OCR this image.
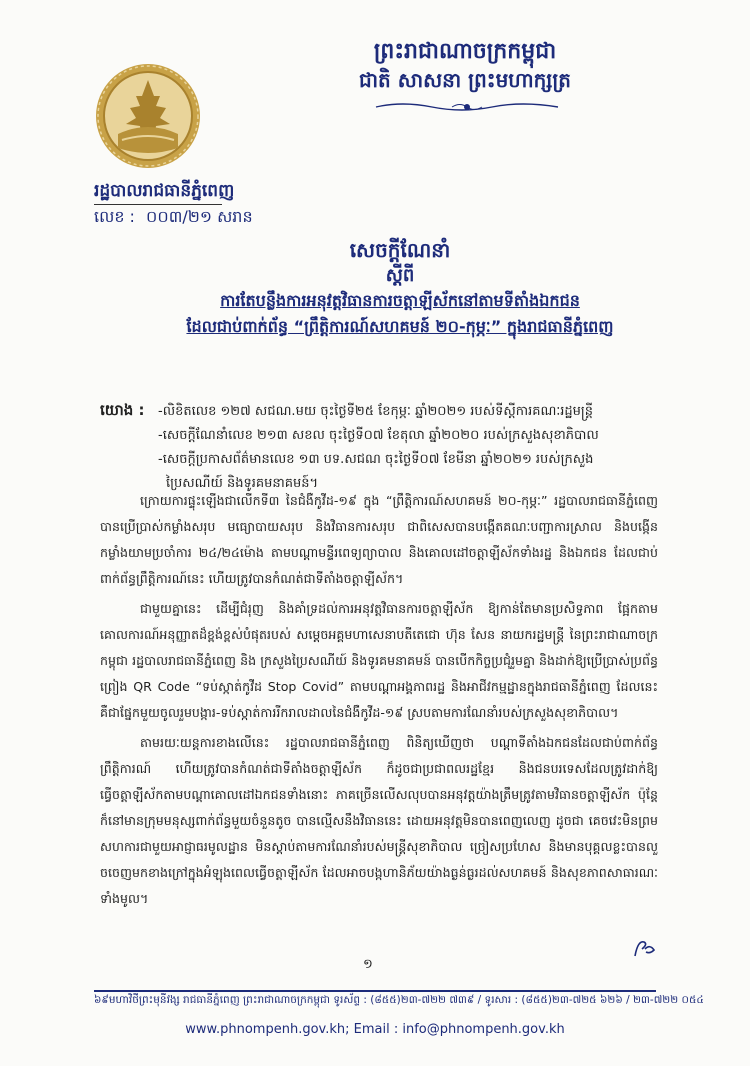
ព្រះរាជាណាចក្រកម្ពុជា
ជាតិ សាសនា ព្រះមហាក្សត្រ
រដ្ឋបាលរាជធានីភ្នំពេញ
លេខ : ០០៣/២១ សរាន
សេចក្តីណែនាំ
ស្តីពី
ការតែបន្លឹងការអនុវត្តវិធានការចត្តាឡីស័កនៅតាមទីតាំងឯកជន
ដែលជាប់ពាក់ព័ន្ធ “ព្រឹត្តិការណ៍សហគមន៍ ២០-កុម្ភៈ” ក្នុងរាជធានីភ្នំពេញ
យោង : -លិខិតលេខ ១២៧ សជណ.មយ ចុះថ្ងៃទី២៥ ខែកុម្ភៈ ឆ្នាំ២០២១ របស់ទីស្តីការគណៈរដ្ឋមន្ត្រី
-សេចក្តីណែនាំលេខ ២១៣ សខល ចុះថ្ងៃទី០៧ ខែតុលា ឆ្នាំ២០២០ របស់ក្រសួងសុខាភិបាល
-សេចក្តីប្រកាសព័ត៌មានលេខ ១៣ បទ.សជណ ចុះថ្ងៃទី០៧ ខែមីនា ឆ្នាំ២០២១ របស់ក្រសួង
ប្រៃសណីយ៍ និងទូរគមនាគមន៍។

ក្រោយការផ្ទុះឡើងជាលើកទី៣ នៃជំងឺកូវីដ-១៩ ក្នុង “ព្រឹត្តិការណ៍សហគមន៍ ២០-កុម្ភៈ” រដ្ឋបាលរាជធានីភ្នំពេញ បានប្រើប្រាស់កម្លាំងសរុប មធ្យោបាយសរុប និងវិធានការសរុប ជាពិសេសបានបង្កើតគណៈបញ្ជាការស្រាល និងបង្កើនកម្លាំងយាមប្រចាំការ ២៤/២៤ម៉ោង តាមបណ្តាមន្ទីរពេទ្យព្យាបាល និងគោលដៅចត្តាឡីស័កទាំងរដ្ឋ និងឯកជន ដែលជាប់ពាក់ព័ន្ធព្រឹត្តិការណ៍នេះ ហើយត្រូវបានកំណត់ជាទីតាំងចត្តាឡីស័ក។

ជាមួយគ្នានេះ ដើម្បីជំរុញ និងគាំទ្រដល់ការអនុវត្តវិធានការចត្តាឡីស័ក ឱ្យកាន់តែមានប្រសិទ្ធភាព ផ្អែកតាមគោលការណ៍អនុញ្ញាតដ៏ខ្ពង់ខ្ពស់បំផុតរបស់ សម្តេចអគ្គមហាសេនាបតីតេជោ ហ៊ុន សែន នាយករដ្ឋមន្ត្រី នៃព្រះរាជាណាចក្រកម្ពុជា រដ្ឋបាលរាជធានីភ្នំពេញ និង ក្រសួងប្រៃសណីយ៍ និងទូរគមនាគមន៍ បានបើកកិច្ចប្រជុំរួមគ្នា និងដាក់ឱ្យប្រើប្រាស់ប្រព័ន្ធព្រៀង QR Code “ទប់ស្កាត់កូវីដ Stop Covid” តាមបណ្តាអង្គភាពរដ្ឋ និងអាជីវកម្មដ្ឋានក្នុងរាជធានីភ្នំពេញ ដែលនេះគឺជាផ្នែកមួយចូលរួមបង្ការ-ទប់ស្កាត់ការរីករាលដាលនៃជំងឺកូវីដ-១៩ ស្របតាមការណែនាំរបស់ក្រសួងសុខាភិបាល។

តាមរយៈយន្តការខាងលើនេះ រដ្ឋបាលរាជធានីភ្នំពេញ ពិនិត្យឃើញថា បណ្តាទីតាំងឯកជនដែលជាប់ពាក់ព័ន្ធព្រឹត្តិការណ៍ ហើយត្រូវបានកំណត់ជាទីតាំងចត្តាឡីស័ក ក៏ដូចជាប្រជាពលរដ្ឋខ្មែរ និងជនបរទេសដែលត្រូវដាក់ឱ្យធ្វើចត្តាឡីស័កតាមបណ្តាគោលដៅឯកជនទាំងនោះ ភាគច្រើនលើសលុបបានអនុវត្តយ៉ាងត្រឹមត្រូវតាមវិធានចត្តាឡីស័ក ប៉ុន្តែ ក៏នៅមានក្រុមមនុស្សពាក់ព័ន្ធមួយចំនួនតូច បានល្មើសនឹងវិធាននេះ ដោយអនុវត្តមិនបានពេញលេញ ដូចជា គេចវេះមិនព្រមសហការជាមួយអាជ្ញាធរមូលដ្ឋាន មិនស្តាប់តាមការណែនាំរបស់មន្ត្រីសុខាភិបាល ច្រៀសប្រហែស និងមានបុគ្គលខ្លះបានលួចចេញមកខាងក្រៅក្នុងអំឡុងពេលធ្វើចត្តាឡីស័ក ដែលអាចបង្កហានិភ័យយ៉ាងធ្ងន់ធ្ងរដល់សហគមន៍ និងសុខភាពសាធារណៈទាំងមូល។

១
៦៩មហាវិថីព្រះមុនីវង្ស រាជធានីភ្នំពេញ ព្រះរាជាណាចក្រកម្ពុជា ទូរស័ព្ទ : (៨៥៥)២៣-៧២២ ៧៣៩ / ទូរសារ : (៨៥៥)២៣-៧២៥ ៦២៦ / ២៣-៧២២ ០៥៤
www.phnompenh.gov.kh; Email : info@phnompenh.gov.kh
